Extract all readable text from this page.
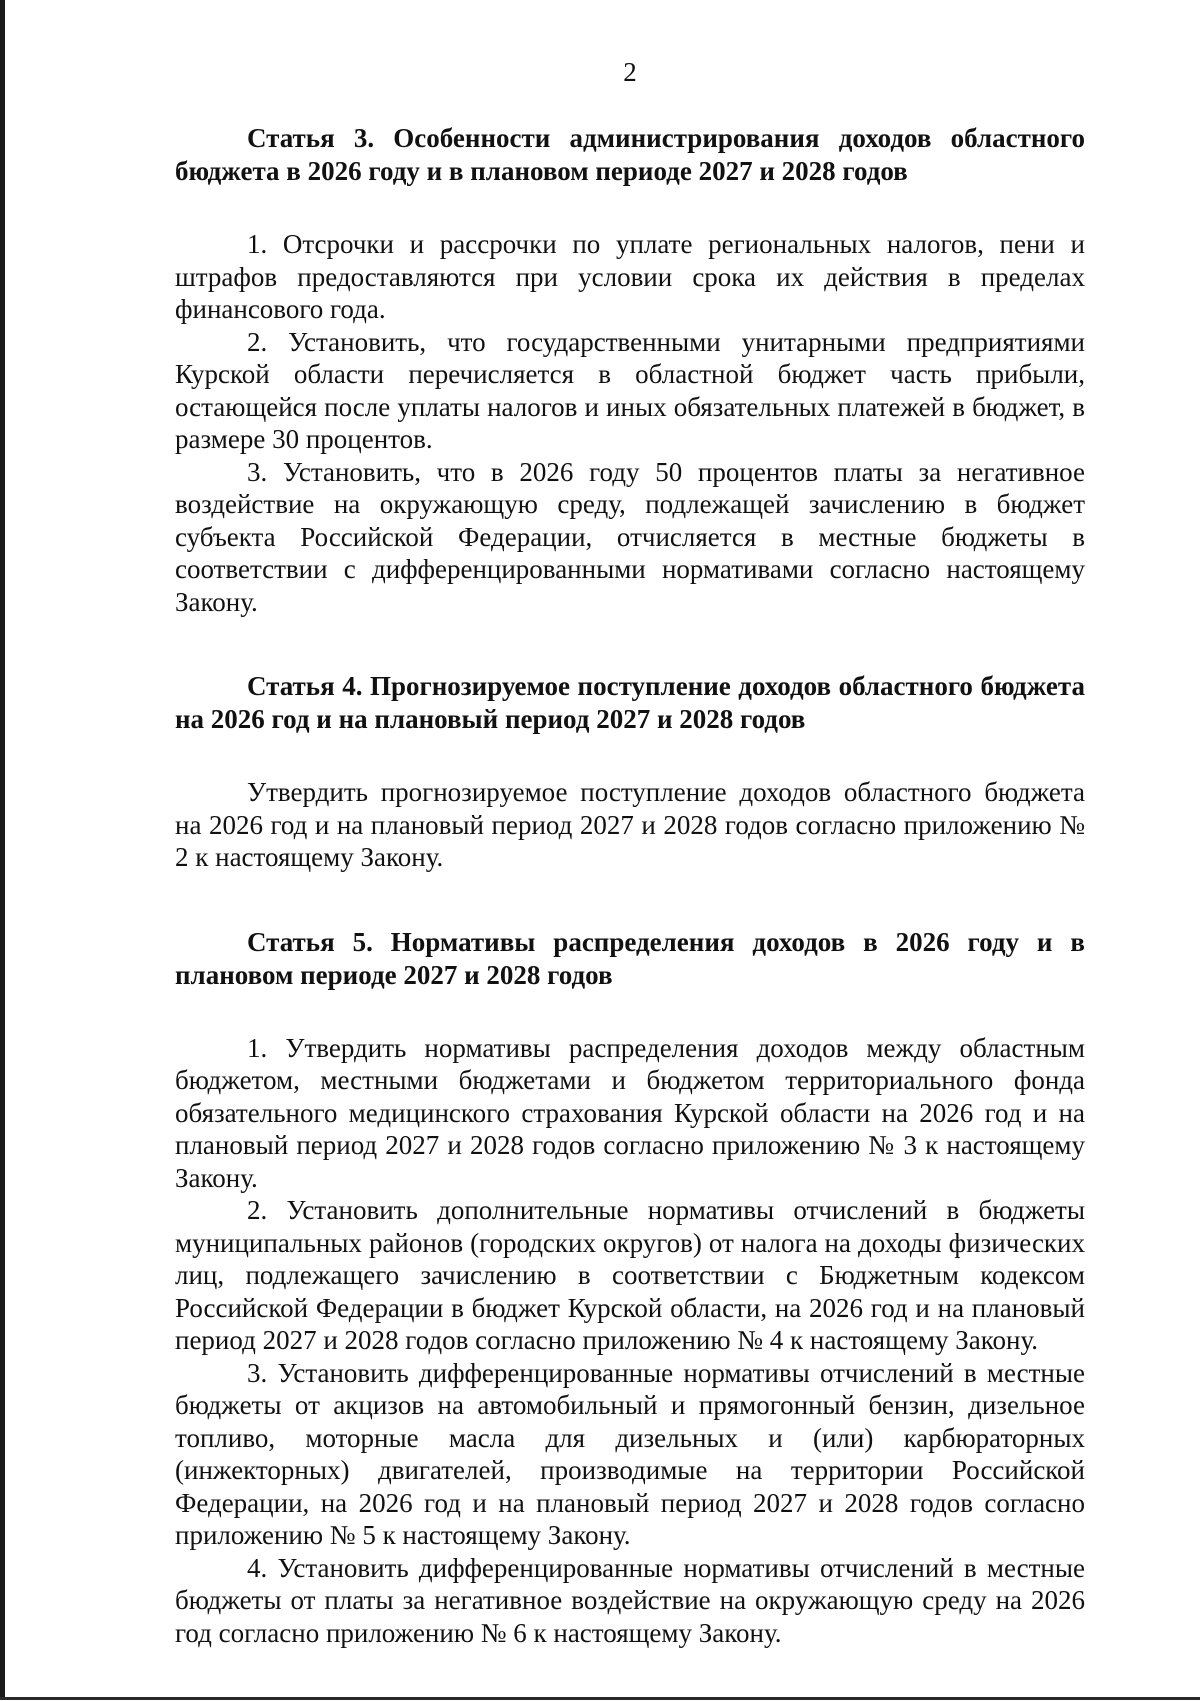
2
Статья 3. Особенности администрирования доходов областного бюджета в 2026 году и в плановом периоде 2027 и 2028 годов

1. Отсрочки и рассрочки по уплате региональных налогов, пени и штрафов предоставляются при условии срока их действия в пределах финансового года.

2. Установить, что государственными унитарными предприятиями Курской области перечисляется в областной бюджет часть прибыли, остающейся после уплаты налогов и иных обязательных платежей в бюджет, в размере 30 процентов.

3. Установить, что в 2026 году 50 процентов платы за негативное воздействие на окружающую среду, подлежащей зачислению в бюджет субъекта Российской Федерации, отчисляется в местные бюджеты в соответствии с дифференцированными нормативами согласно настоящему Закону.

Статья 4. Прогнозируемое поступление доходов областного бюджета на 2026 год и на плановый период 2027 и 2028 годов

Утвердить прогнозируемое поступление доходов областного бюджета на 2026 год и на плановый период 2027 и 2028 годов согласно приложению № 2 к настоящему Закону.

Статья 5. Нормативы распределения доходов в 2026 году и в плановом периоде 2027 и 2028 годов

1. Утвердить нормативы распределения доходов между областным бюджетом, местными бюджетами и бюджетом территориального фонда обязательного медицинского страхования Курской области на 2026 год и на плановый период 2027 и 2028 годов согласно приложению № 3 к настоящему Закону.

2. Установить дополнительные нормативы отчислений в бюджеты муниципальных районов (городских округов) от налога на доходы физических лиц, подлежащего зачислению в соответствии с Бюджетным кодексом Российской Федерации в бюджет Курской области, на 2026 год и на плановый период 2027 и 2028 годов согласно приложению № 4 к настоящему Закону.

3. Установить дифференцированные нормативы отчислений в местные бюджеты от акцизов на автомобильный и прямогонный бензин, дизельное топливо, моторные масла для дизельных и (или) карбюраторных (инжекторных) двигателей, производимые на территории Российской Федерации, на 2026 год и на плановый период 2027 и 2028 годов согласно приложению № 5 к настоящему Закону.

4. Установить дифференцированные нормативы отчислений в местные бюджеты от платы за негативное воздействие на окружающую среду на 2026 год согласно приложению № 6 к настоящему Закону.
